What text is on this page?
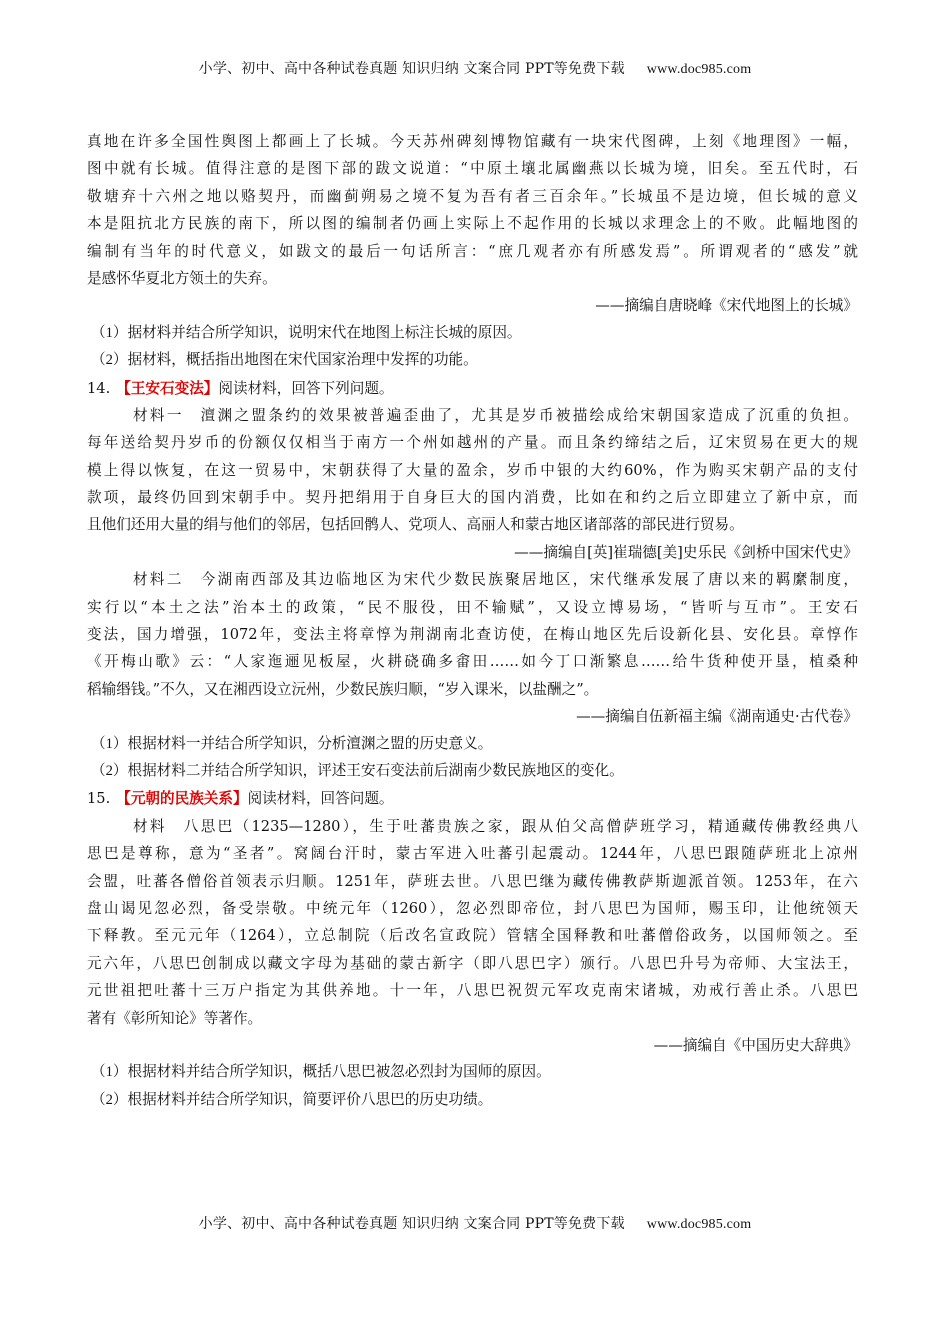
小学、初中、高中各种试卷真题 知识归纳 文案合同 PPT等免费下载 www.doc985.com
真地在许多全国性舆图上都画上了长城。今天苏州碑刻博物馆藏有一块宋代图碑，上刻《地理图》一幅，
图中就有长城。值得注意的是图下部的跋文说道：“中原土壤北属幽燕以长城为境，旧矣。至五代时，石
敬塘弃十六州之地以赂契丹，而幽蓟朔易之境不复为吾有者三百余年。”长城虽不是边境，但长城的意义
本是阻抗北方民族的南下，所以图的编制者仍画上实际上不起作用的长城以求理念上的不败。此幅地图的
编制有当年的时代意义，如跋文的最后一句话所言：“庶几观者亦有所感发焉”。所谓观者的“感发”就
是感怀华夏北方领土的失弃。
——摘编自唐晓峰《宋代地图上的长城》
（1）据材料并结合所学知识，说明宋代在地图上标注长城的原因。
（2）据材料，概括指出地图在宋代国家治理中发挥的功能。
14. 【王安石变法】阅读材料，回答下列问题。
材料一　澶渊之盟条约的效果被普遍歪曲了，尤其是岁币被描绘成给宋朝国家造成了沉重的负担。
每年送给契丹岁币的份额仅仅相当于南方一个州如越州的产量。而且条约缔结之后，辽宋贸易在更大的规
模上得以恢复，在这一贸易中，宋朝获得了大量的盈余，岁币中银的大约60%，作为购买宋朝产品的支付
款项，最终仍回到宋朝手中。契丹把绢用于自身巨大的国内消费，比如在和约之后立即建立了新中京，而
且他们还用大量的绢与他们的邻居，包括回鹘人、党项人、高丽人和蒙古地区诸部落的部民进行贸易。
——摘编自[英]崔瑞德[美]史乐民《剑桥中国宋代史》
材料二　今湖南西部及其边临地区为宋代少数民族聚居地区，宋代继承发展了唐以来的羁縻制度，
实行以“本土之法”治本土的政策，“民不服役，田不输赋”，又设立博易场，“皆听与互市”。王安石
变法，国力增强，1072年，变法主将章惇为荆湖南北查访使，在梅山地区先后设新化县、安化县。章惇作
《开梅山歌》云：“人家迤逦见板屋，火耕硗确多畬田……如今丁口渐繁息……给牛货种使开垦，植桑种
稻输缗钱。”不久，又在湘西设立沅州，少数民族归顺，“岁入课米，以盐酬之”。
——摘编自伍新福主编《湖南通史·古代卷》
（1）根据材料一并结合所学知识，分析澶渊之盟的历史意义。
（2）根据材料二并结合所学知识，评述王安石变法前后湖南少数民族地区的变化。
15. 【元朝的民族关系】阅读材料，回答问题。
材料　八思巴（1235—1280），生于吐蕃贵族之家，跟从伯父高僧萨班学习，精通藏传佛教经典八
思巴是尊称，意为“圣者”。窝阔台汗时，蒙古军进入吐蕃引起震动。1244年，八思巴跟随萨班北上凉州
会盟，吐蕃各僧俗首领表示归顺。1251年，萨班去世。八思巴继为藏传佛教萨斯迦派首领。1253年，在六
盘山谒见忽必烈，备受崇敬。中统元年（1260），忽必烈即帝位，封八思巴为国师，赐玉印，让他统领天
下释教。至元元年（1264），立总制院（后改名宣政院）管辖全国释教和吐蕃僧俗政务，以国师领之。至
元六年，八思巴创制成以藏文字母为基础的蒙古新字（即八思巴字）颁行。八思巴升号为帝师、大宝法王，
元世祖把吐蕃十三万户指定为其供养地。十一年，八思巴祝贺元军攻克南宋诸城，劝戒行善止杀。八思巴
著有《彰所知论》等著作。
——摘编自《中国历史大辞典》
（1）根据材料并结合所学知识，概括八思巴被忽必烈封为国师的原因。
（2）根据材料并结合所学知识，简要评价八思巴的历史功绩。
小学、初中、高中各种试卷真题 知识归纳 文案合同 PPT等免费下载 www.doc985.com
